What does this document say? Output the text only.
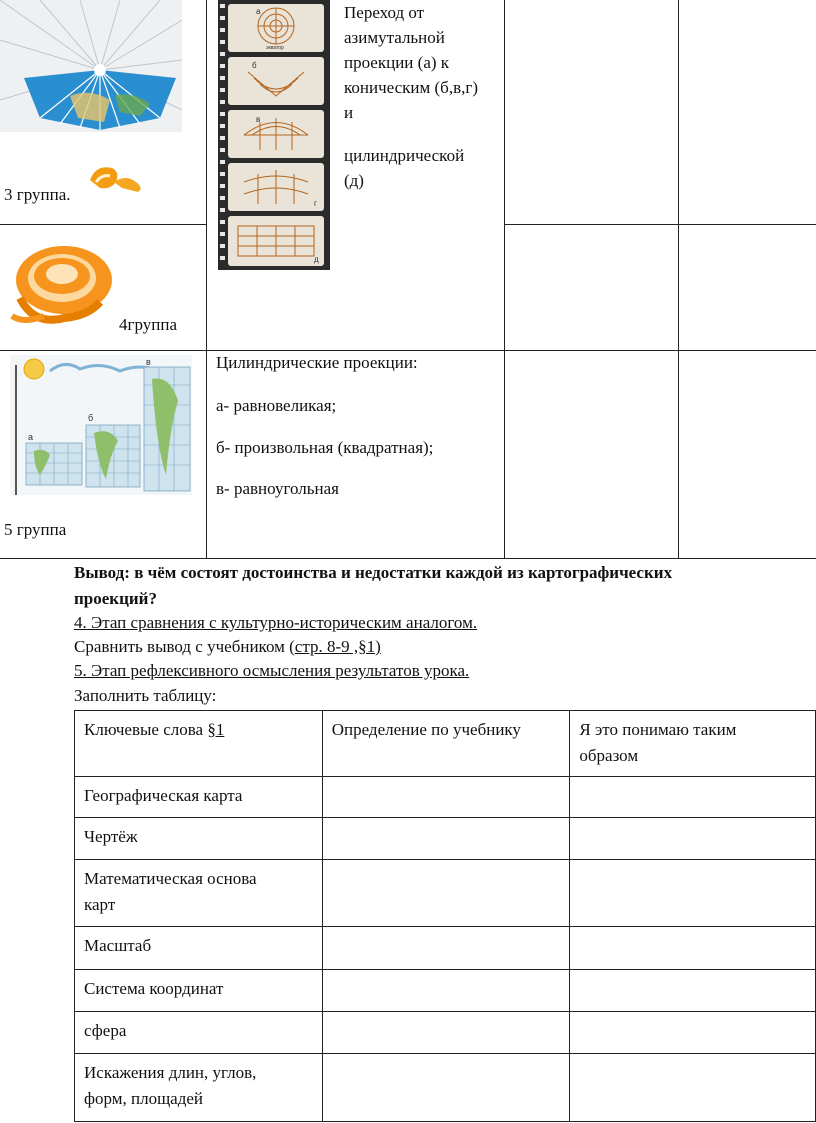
3 группа.
а
б
в
г
д
экватор
Переход от
азимутальной
проекции (а) к
коническим (б,в,г)
и
цилиндрической
(д)
4группа
а
б
в
5 группа
Цилиндрические проекции:
а- равновеликая;
б- произвольная (квадратная);
в- равноугольная
Вывод: в чём состоят достоинства и недостатки каждой из картографических
проекций?
4. Этап сравнения с культурно-историческим аналогом.
Сравнить вывод с учебником (стр. 8-9 ,§1)
5. Этап рефлексивного осмысления результатов урока.
Заполнить таблицу:
Ключевые слова §1	Определение по учебнику	Я это понимаю таким
образом

Географическая карта		
Чертёж		

Математическая основа
карт		

Масштаб		
Система координат		
сфера		

Искажения длин, углов,
форм, площадей		
